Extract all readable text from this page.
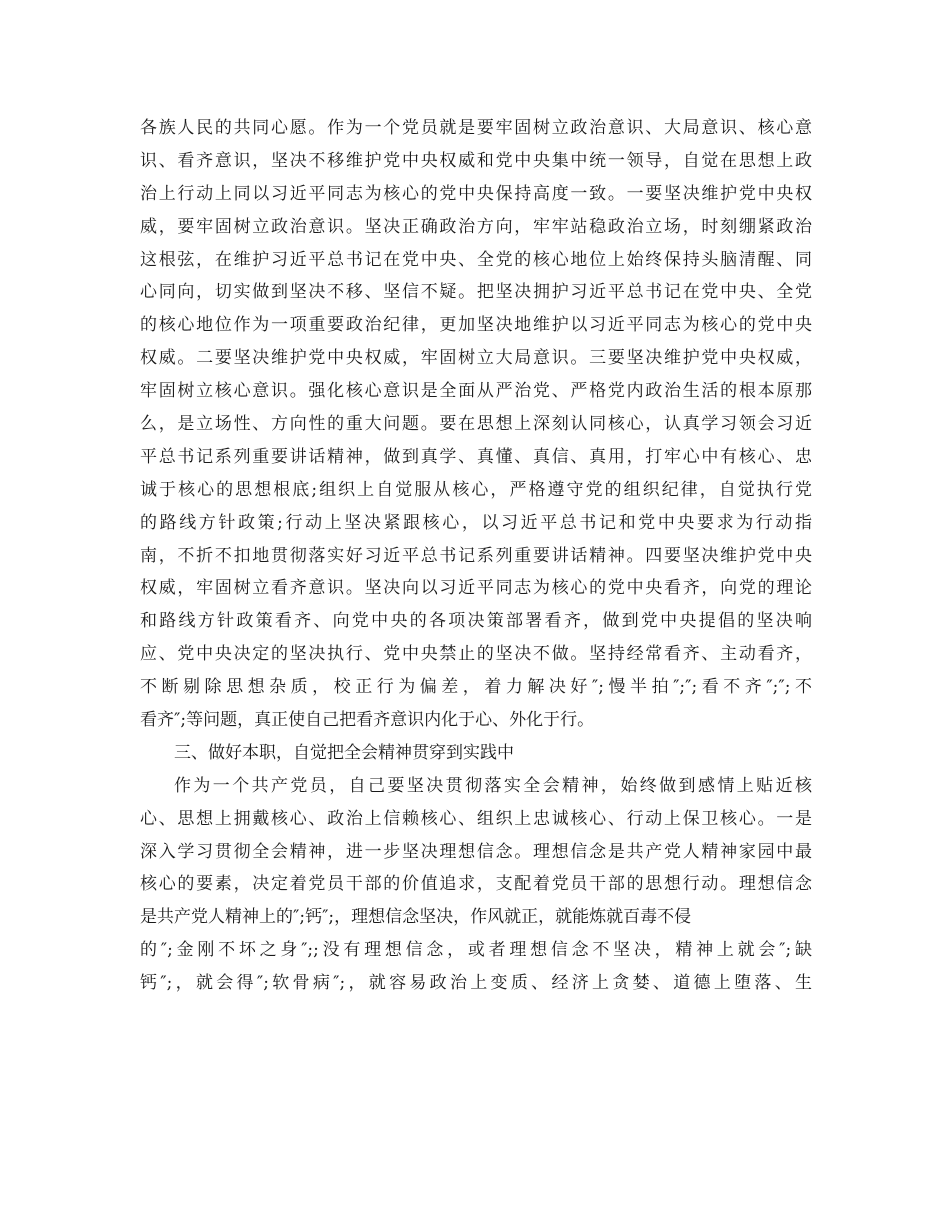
各族人民的共同心愿。作为一个党员就是要牢固树立政治意识、大局意识、核心意
识、看齐意识，坚决不移维护党中央权威和党中央集中统一领导，自觉在思想上政
治上行动上同以习近平同志为核心的党中央保持高度一致。一要坚决维护党中央权
威，要牢固树立政治意识。坚决正确政治方向，牢牢站稳政治立场，时刻绷紧政治
这根弦，在维护习近平总书记在党中央、全党的核心地位上始终保持头脑清醒、同
心同向，切实做到坚决不移、坚信不疑。把坚决拥护习近平总书记在党中央、全党
的核心地位作为一项重要政治纪律，更加坚决地维护以习近平同志为核心的党中央
权威。二要坚决维护党中央权威，牢固树立大局意识。三要坚决维护党中央权威，
牢固树立核心意识。强化核心意识是全面从严治党、严格党内政治生活的根本原那
么，是立场性、方向性的重大问题。要在思想上深刻认同核心，认真学习领会习近
平总书记系列重要讲话精神，做到真学、真懂、真信、真用，打牢心中有核心、忠
诚于核心的思想根底;组织上自觉服从核心，严格遵守党的组织纪律，自觉执行党
的路线方针政策;行动上坚决紧跟核心，以习近平总书记和党中央要求为行动指
南，不折不扣地贯彻落实好习近平总书记系列重要讲话精神。四要坚决维护党中央
权威，牢固树立看齐意识。坚决向以习近平同志为核心的党中央看齐，向党的理论
和路线方针政策看齐、向党中央的各项决策部署看齐，做到党中央提倡的坚决响
应、党中央决定的坚决执行、党中央禁止的坚决不做。坚持经常看齐、主动看齐，
不断剔除思想杂质，校正行为偏差，着力解决好″;慢半拍″;″;看不齐″;″;不
看齐″;等问题，真正使自己把看齐意识内化于心、外化于行。
三、做好本职，自觉把全会精神贯穿到实践中
作为一个共产党员，自己要坚决贯彻落实全会精神，始终做到感情上贴近核
心、思想上拥戴核心、政治上信赖核心、组织上忠诚核心、行动上保卫核心。一是
深入学习贯彻全会精神，进一步坚决理想信念。理想信念是共产党人精神家园中最
核心的要素，决定着党员干部的价值追求，支配着党员干部的思想行动。理想信念
是共产党人精神上的″;钙″;，理想信念坚决，作风就正，就能炼就百毒不侵
的″;金刚不坏之身″;;没有理想信念，或者理想信念不坚决，精神上就会″;缺
钙″;，就会得″;软骨病″;，就容易政治上变质、经济上贪婪、道德上堕落、生
